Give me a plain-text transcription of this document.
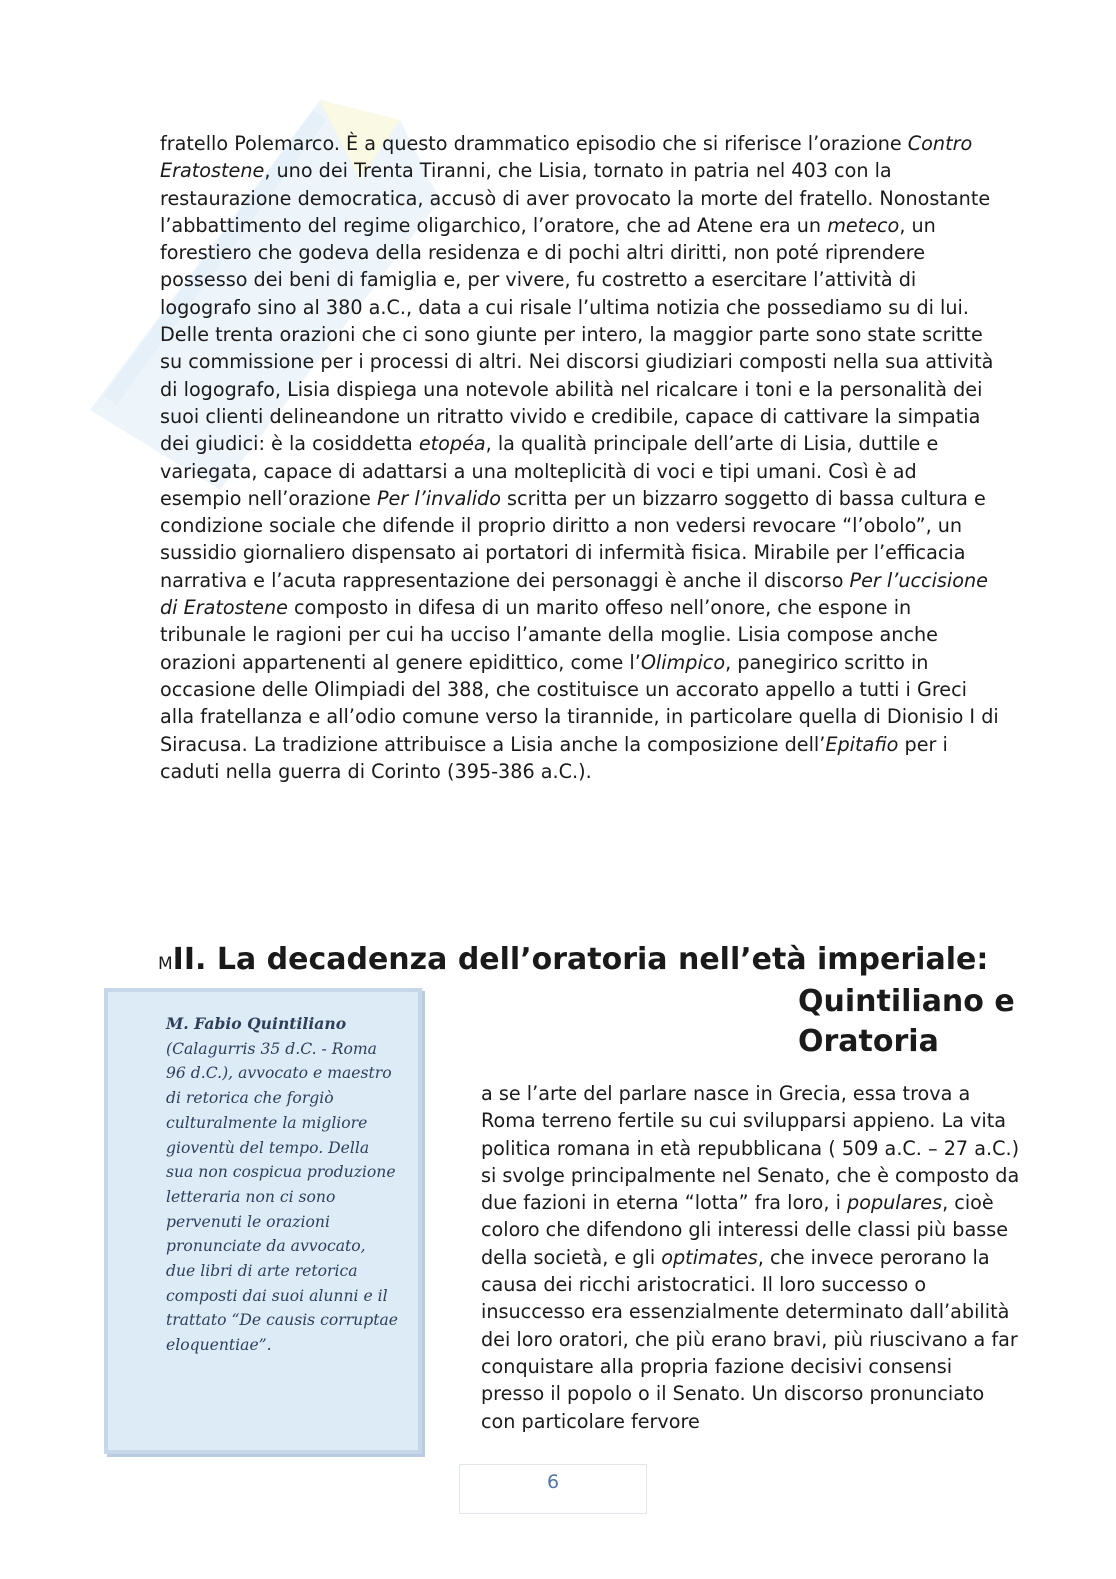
fratello Polemarco. È a questo drammatico episodio che si riferisce l’orazione Contro Eratostene, uno dei Trenta Tiranni, che Lisia, tornato in patria nel 403 con la restaurazione democratica, accusò di aver provocato la morte del fratello. Nonostante l’abbattimento del regime oligarchico, l’oratore, che ad Atene era un meteco, un forestiero che godeva della residenza e di pochi altri diritti, non poté riprendere possesso dei beni di famiglia e, per vivere, fu costretto a esercitare l’attività di logografo sino al 380 a.C., data a cui risale l’ultima notizia che possediamo su di lui. Delle trenta orazioni che ci sono giunte per intero, la maggior parte sono state scritte su commissione per i processi di altri. Nei discorsi giudiziari composti nella sua attività di logografo, Lisia dispiega una notevole abilità nel ricalcare i toni e la personalità dei suoi clienti delineandone un ritratto vivido e credibile, capace di cattivare la simpatia dei giudici: è la cosiddetta etopéa, la qualità principale dell’arte di Lisia, duttile e variegata, capace di adattarsi a una molteplicità di voci e tipi umani. Così è ad esempio nell’orazione Per l’invalido scritta per un bizzarro soggetto di bassa cultura e condizione sociale che difende il proprio diritto a non vedersi revocare “l’obolo”, un sussidio giornaliero dispensato ai portatori di infermità fisica. Mirabile per l’efficacia narrativa e l’acuta rappresentazione dei personaggi è anche il discorso Per l’uccisione di Eratostene composto in difesa di un marito offeso nell’onore, che espone in tribunale le ragioni per cui ha ucciso l’amante della moglie. Lisia compose anche orazioni appartenenti al genere epidittico, come l’Olimpico, panegirico scritto in occasione delle Olimpiadi del 388, che costituisce un accorato appello a tutti i Greci alla fratellanza e all’odio comune verso la tirannide, in particolare quella di Dionisio I di Siracusa. La tradizione attribuisce a Lisia anche la composizione dell’Epitafio per i caduti nella guerra di Corinto (395-386 a.C.).

MII. La decadenza dell’oratoria nell’età imperiale:
Quintiliano e Oratoria

M. Fabio Quintiliano (Calagurris 35 d.C. - Roma 96 d.C.), avvocato e maestro di retorica che forgiò culturalmente la migliore gioventù del tempo. Della sua non cospicua produzione letteraria non ci sono pervenuti le orazioni pronunciate da avvocato, due libri di arte retorica composti dai suoi alunni e il trattato “De causis corruptae eloquentiae”.

a se l’arte del parlare nasce in Grecia, essa trova a Roma terreno fertile su cui svilupparsi appieno. La vita politica romana in età repubblicana ( 509 a.C. – 27 a.C.) si svolge principalmente nel Senato, che è composto da due fazioni in eterna “lotta” fra loro, i populares, cioè coloro che difendono gli interessi delle classi più basse della società, e gli optimates, che invece perorano la causa dei ricchi aristocratici. Il loro successo o insuccesso era essenzialmente determinato dall’abilità dei loro oratori, che più erano bravi, più riuscivano a far conquistare alla propria fazione decisivi consensi presso il popolo o il Senato. Un discorso pronunciato con particolare fervore

6
